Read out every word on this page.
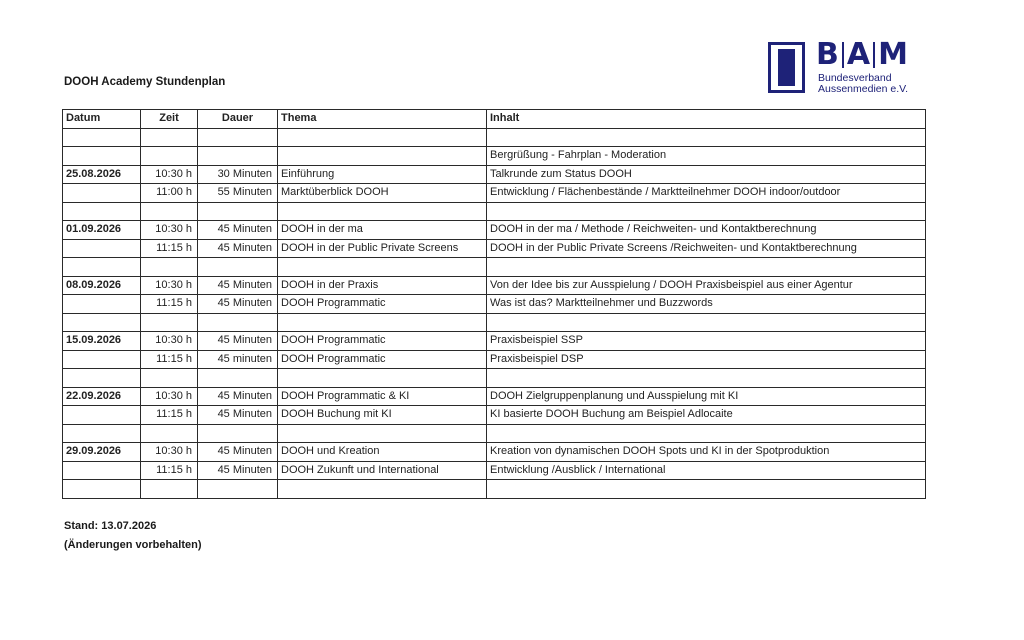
DOOH Academy Stundenplan
B A M
Bundesverband
Aussenmedien e.V.
Datum	Zeit	Dauer	Thema	Inhalt

				Bergrüßung - Fahrplan - Moderation
25.08.2026	10:30 h	30 Minuten	Einführung	Talkrunde zum Status DOOH
	11:00 h	55 Minuten	Marktüberblick DOOH	Entwicklung / Flächenbestände / Marktteilnehmer DOOH indoor/outdoor

01.09.2026	10:30 h	45 Minuten	DOOH in der ma	DOOH in der ma / Methode / Reichweiten- und Kontaktberechnung
	11:15 h	45 Minuten	DOOH in der Public Private Screens	DOOH in der Public Private Screens /Reichweiten- und Kontaktberechnung

08.09.2026	10:30 h	45 Minuten	DOOH in der Praxis	Von der Idee bis zur Ausspielung / DOOH Praxisbeispiel aus einer Agentur
	11:15 h	45 Minuten	DOOH Programmatic	Was ist das? Marktteilnehmer und Buzzwords

15.09.2026	10:30 h	45 Minuten	DOOH Programmatic	Praxisbeispiel SSP
	11:15 h	45 minuten	DOOH Programmatic	Praxisbeispiel DSP

22.09.2026	10:30 h	45 Minuten	DOOH Programmatic & KI	DOOH Zielgruppenplanung und Ausspielung mit KI
	11:15 h	45 Minuten	DOOH Buchung mit KI	KI basierte DOOH Buchung am Beispiel Adlocaite

29.09.2026	10:30 h	45 Minuten	DOOH und Kreation	Kreation von dynamischen DOOH Spots und KI in der Spotproduktion
	11:15 h	45 Minuten	DOOH Zukunft und International	Entwicklung /Ausblick / International

Stand: 13.07.2026
(Änderungen vorbehalten)
